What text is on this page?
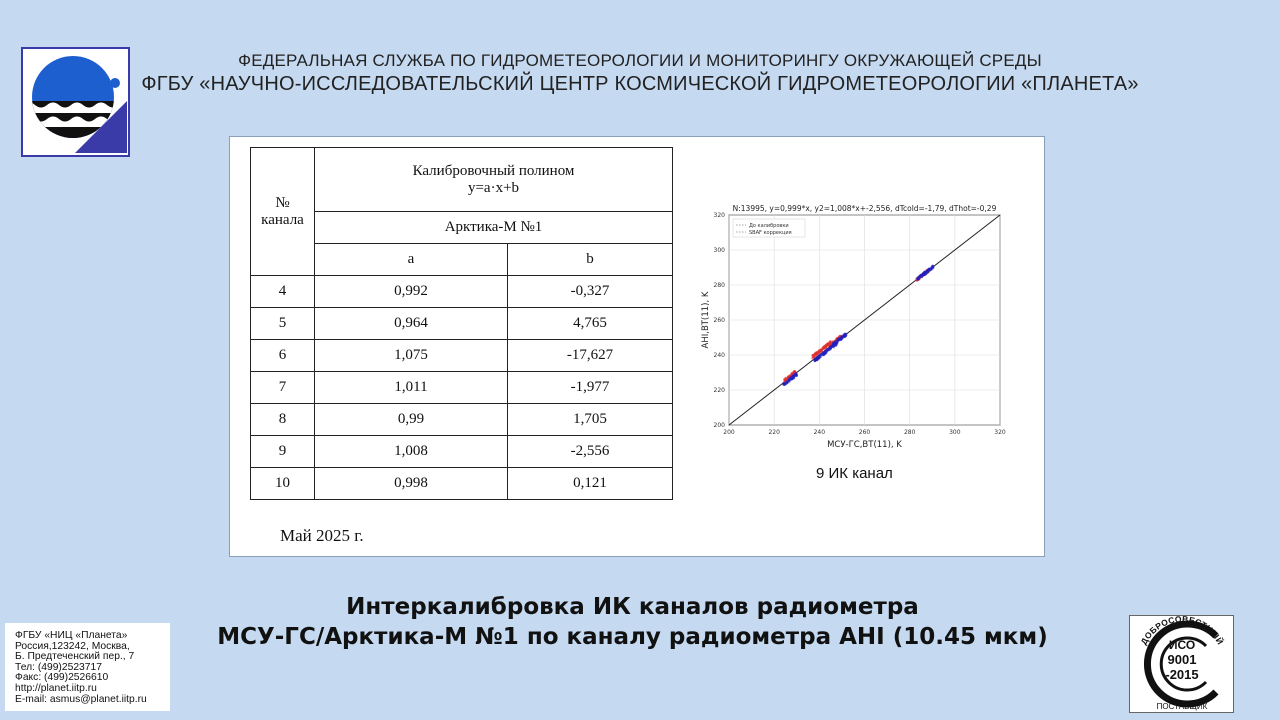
ФЕДЕРАЛЬНАЯ СЛУЖБА ПО ГИДРОМЕТЕОРОЛОГИИ И МОНИТОРИНГУ ОКРУЖАЮЩЕЙ СРЕДЫ
ФГБУ «НАУЧНО-ИССЛЕДОВАТЕЛЬСКИЙ ЦЕНТР КОСМИЧЕСКОЙ ГИДРОМЕТЕОРОЛОГИИ «ПЛАНЕТА»
№
канала	Калибровочный полином
y=a·x+b	
	Арктика-М №1	
	a	b
4	0,992	-0,327
5	0,964	4,765
6	1,075	-17,627
7	1,011	-1,977
8	0,99	1,705
9	1,008	-2,556
10	0,998	0,121
Май 2025 г.
200	220	240	260	280	300	320
200
220
240
260
280
300
320
N:13995, y=0,999*x, y2=1,008*x+-2,556, dTcold=-1,79, dThot=-0,29
МСУ-ГС,BT(11), K
AHI,BT(11), K
До калибровки
SBAF коррекция
9 ИК канал
Интеркалибровка ИК каналов радиометра
МСУ-ГС/Арктика-М №1 по каналу радиометра AHI (10.45 мкм)
ФГБУ «НИЦ «Планета»
Россия,123242, Москва,
Б. Предтеченский пер., 7
Тел: (499)2523717
Факс: (499)2526610
http://planet.iitp.ru
E-mail: asmus@planet.iitp.ru
ДОБРОСОВЕСТНЫЙ
ИСО
9001
-2015
ПОСТАВЩИК
